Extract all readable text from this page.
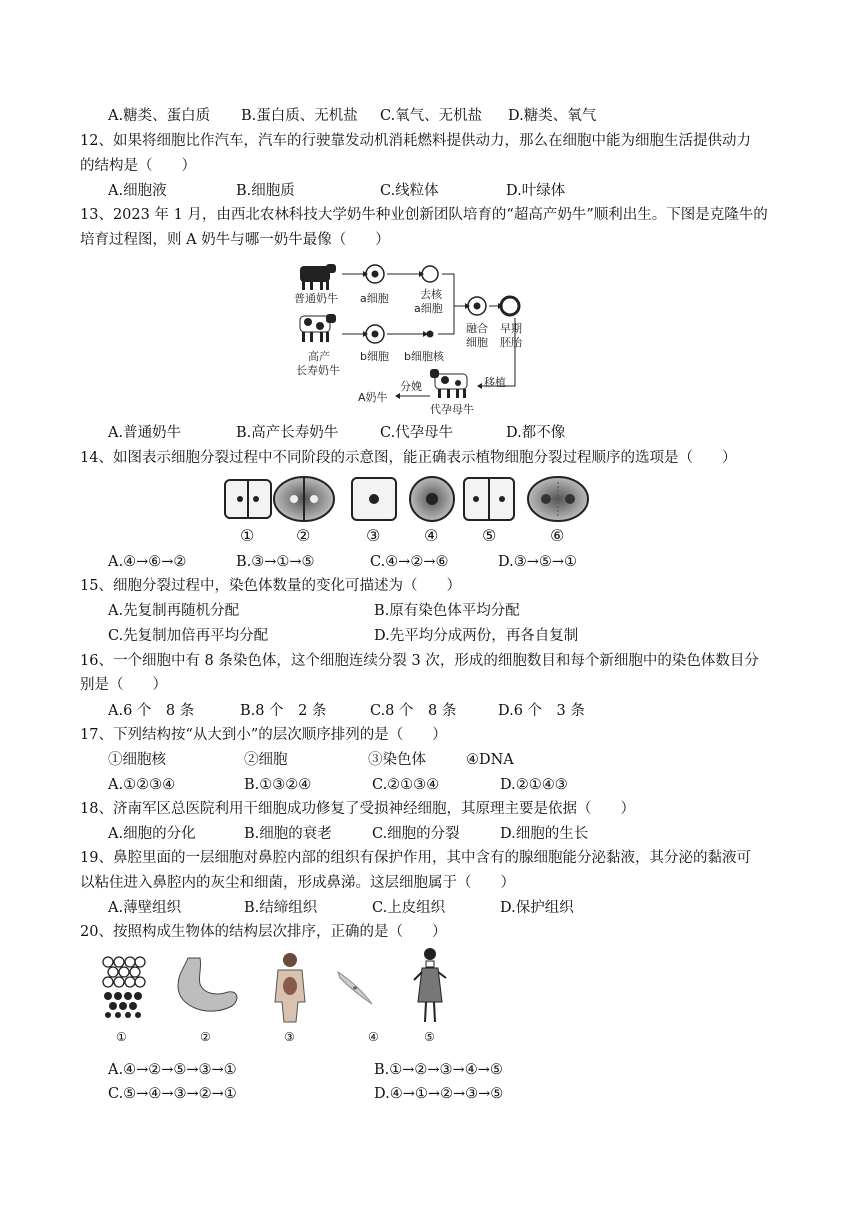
A.糖类、蛋白质 B.蛋白质、无机盐 C.氧气、无机盐 D.糖类、氧气
12、如果将细胞比作汽车，汽车的行驶靠发动机消耗燃料提供动力，那么在细胞中能为细胞生活提供动力
的结构是（　　）
A.细胞液	B.细胞质	C.线粒体	D.叶绿体
13、2023 年 1 月，由西北农林科技大学奶牛种业创新团队培育的“超高产奶牛”顺利出生。下图是克隆牛的
培育过程图，则 A 奶牛与哪一奶牛最像（　　）
普通奶牛 a细胞	去核
a细胞
高产
长寿奶牛
b细胞 b细胞核
融合
细胞
早期
胚胎
A奶牛
分娩
代孕母牛
移植
A.普通奶牛	B.高产长寿奶牛	C.代孕母牛	D.都不像
14、如图表示细胞分裂过程中不同阶段的示意图，能正确表示植物细胞分裂过程顺序的选项是（　　）
①	②	③	④	⑤	⑥
A.④→⑥→②	B.③→①→⑤	C.④→②→⑥	D.③→⑤→①
15、细胞分裂过程中，染色体数量的变化可描述为（　　）
A.先复制再随机分配	B.原有染色体平均分配
C.先复制加倍再平均分配	D.先平均分成两份，再各自复制
16、一个细胞中有 8 条染色体，这个细胞连续分裂 3 次，形成的细胞数目和每个新细胞中的染色体数目分
别是（　　）
A.6 个　8 条	B.8 个　2 条	C.8 个　8 条	D.6 个　3 条
17、下列结构按“从大到小”的层次顺序排列的是（　　）
①细胞核	②细胞	③染色体	④DNA
A.①②③④	B.①③②④	C.②①③④	D.②①④③
18、济南军区总医院利用干细胞成功修复了受损神经细胞，其原理主要是依据（　　）
A.细胞的分化	B.细胞的衰老	C.细胞的分裂	D.细胞的生长
19、鼻腔里面的一层细胞对鼻腔内部的组织有保护作用，其中含有的腺细胞能分泌黏液，其分泌的黏液可
以粘住进入鼻腔内的灰尘和细菌，形成鼻涕。这层细胞属于（　　）
A.薄壁组织	B.结缔组织	C.上皮组织	D.保护组织
20、按照构成生物体的结构层次排序，正确的是（　　）
①	②	③	④	⑤
A.④→②→⑤→③→①	B.①→②→③→④→⑤
C.⑤→④→③→②→①	D.④→①→②→③→⑤
